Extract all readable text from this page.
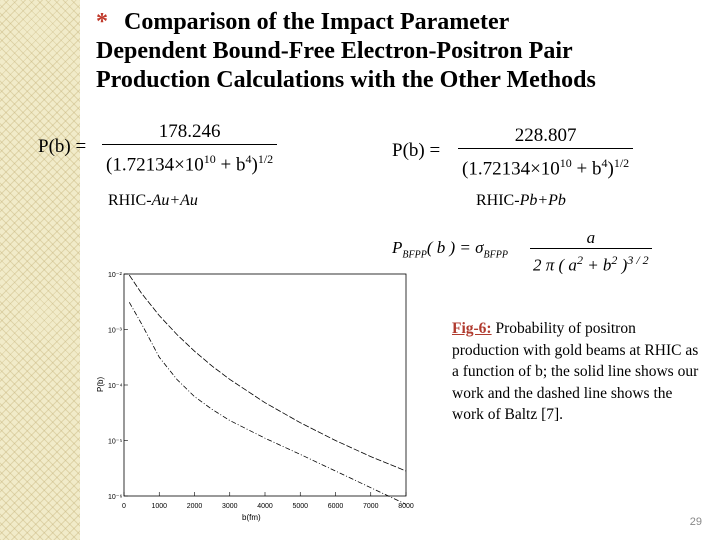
* Comparison of the Impact Parameter
Dependent Bound-Free Electron-Positron Pair
Production Calculations with the Other Methods
P(b) =
178.246
$(1.72134\times 10^{10} + b^4)^{1/2}$	P(b) =
228.807
$(1.72134\times 10^{10} + b^4)^{1/2}$
RHIC-Au+Au	RHIC-Pb+Pb
$P_{BFPP}$( b ) = $\sigma_{BFPP}$
a
2 π ( $a^2 + b^2$ )$^{3 / 2}$
10⁻²
10⁻³
10⁻⁴
10⁻⁵
10⁻⁶
0	1000	2000	3000	4000	5000	6000	7000	8000
b(fm)
P(b)
Fig-6: Probability of positron production with gold beams at RHIC as a function of b; the solid line shows our work and the dashed line shows the work of Baltz [7].
29
